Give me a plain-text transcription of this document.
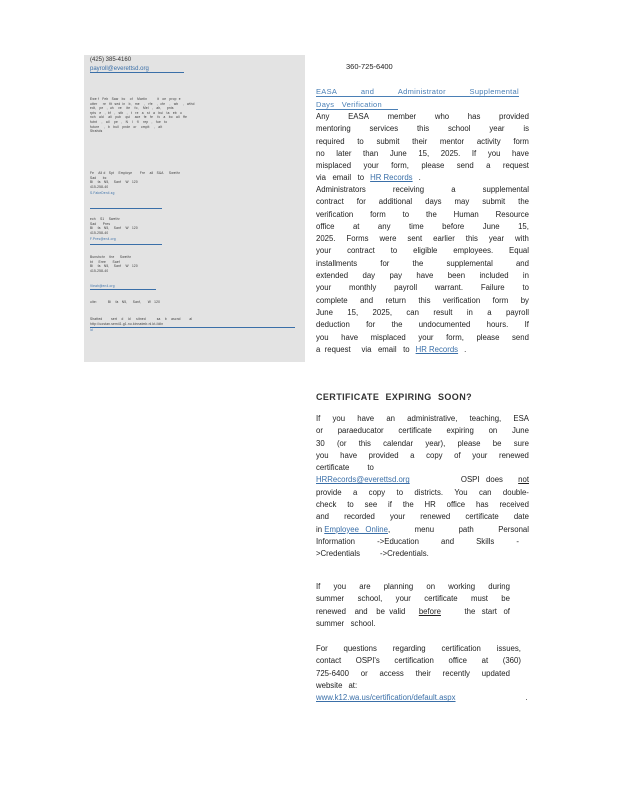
(425) 385-4160
payroll@everettsd.org
Ewe f   Feb   Saw   bc    of    Martin         it   oe   prop  e
utter     re   fit  sed  in   b,   me    ,   rfe    ,  cfe    ,   wb    ,   wthd
edt,   pe   ,  uh    ve    ite    fo,    Mel   ,   ah,     pnts
rpts   e   ,  bf   ,   stb   ,   t   re   a   st   a   bui   ta   eb   u
nch   ald    ali   pub    qui    ace   fe   fe    fc   a   bo   ali   ffe
futnt    ,   ail    pe   ,   N    I   fl    rep   ,   fue   to
future    ,   b   buil   pnde   or    cmpit    ,   alt
Strahds
Fe    All d   Spt    Employe       Fre    all   S&A     Swethr
Sad      bc
Bi    fa   N5,    Sanf    W   120
415-258-40
S.FakeDen4.sg
ech    S1    Swethr
Sad      Pres
Bi    fa   N5,    Sanf    W   120
415-258-40
F.Pres@en4.org
Bunshchr    the     Swethr
bt     Eree      Saef
Bi    fa   N5,    Sanf    W   120
415-258-40
Vieah@en4.org
ulte:          Bi    fa   N5,     Sanf,      W   120
Shatted        sert    d    ld     sitned          sa    b    ascnd        al
http://uostan.sem41.g1.nu.kinnatmb.nl.kt-ildin
ld
360-725-6400
EASA	and	Administrator	Supplemental
Days Verification
Any EASA member who has provided
mentoring services this school year is
required to submit their mentor activity form
no later than June 15, 2025. If you have
misplaced your form, please send a request
via   email   to HR Records .
Administrators	receiving	a	supplemental
contract for additional days may submit the
verification form to the Human Resource
office at any time before June 15,
2025. Forms were sent earlier this year with
your contract to eligible employees. Equal
installments	for	the	supplemental	and
extended day pay have been included in
your monthly payroll warrant. Failure to
complete and return this verification form by
June 15, 2025, can result in a payroll
deduction for the undocumented hours. If
you have misplaced your form, please send
a  request     via   email   to HR Records .
CERTIFICATE EXPIRING SOON?
If you have an administrative, teaching, ESA
or paraeducator certificate expiring on June
30 (or this calendar year), please be sure
you have provided a copy of your renewed
certificate to
HRRecords@everettsd.org	OSPI   does not
provide a copy to districts. You can double-
check to see if the HR office has received
and recorded your renewed certificate date
in Employee   Online,	menu	path	Personal
Information	->Education	and	Skills	-
>Credentials	->Credentials.
If you are planning on working during
summer school, your certificate must be
renewed    and    be  valid before	the   start   of
summer   school.
For questions regarding certification issues,
contact OSPI's certification office at (360)
725-6400 or access their recently updated
website at:
www.k12.wa.us/certification/default.aspx	.
